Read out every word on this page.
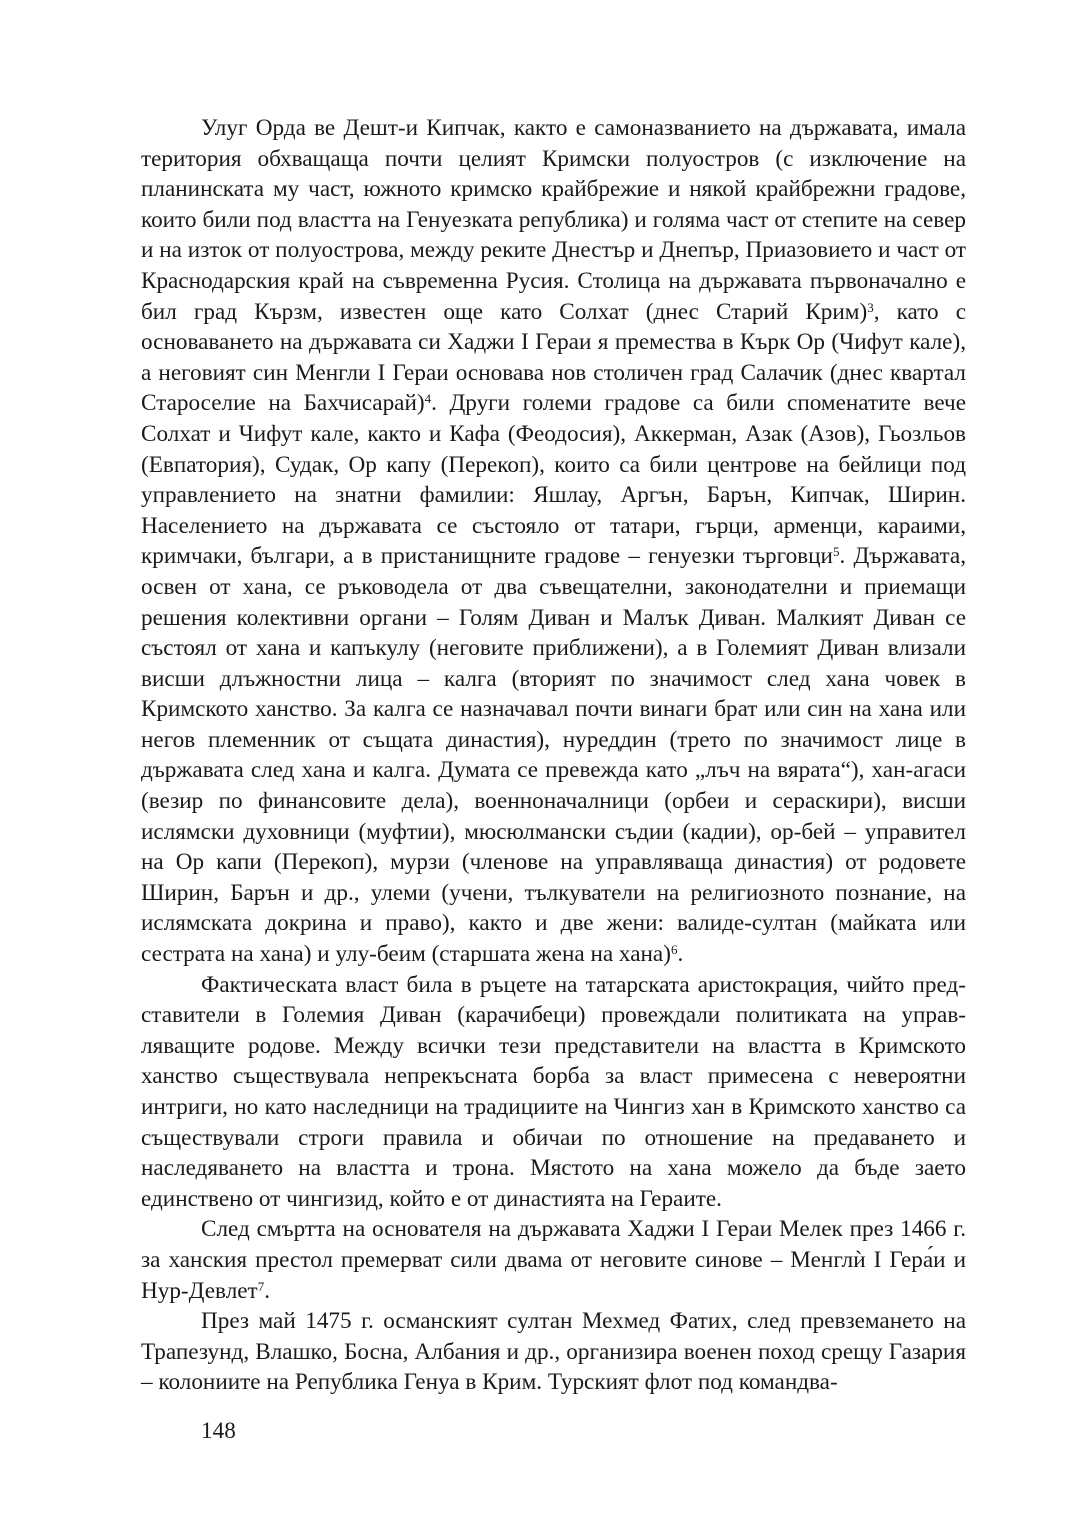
Улуг Орда ве Дешт-и Кипчак, както е самоназванието на държавата, имала територия обхващаща почти целият Кримски полуостров (с изключение на планинската му част, южното кримско крайбрежие и някой крайбрежни градове, които били под властта на Генуезката република) и голяма част от степите на север и на изток от полуострова, между реките Днестър и Днепър, Приазовието и част от Краснодарския край на съвременна Русия. Столица на държавата първоначално е бил град Кързм, известен още като Солхат (днес Старий Крим)$^3$, като с основаването на държавата си Хаджи I Гераи я премества в Кърк Ор (Чифут кале), а неговият син Менгли I Гераи основава нов столичен град Салачик (днес квартал Староселие на Бахчисарай)$^4$. Други големи градове са били споменатите вече Солхат и Чифут кале, както и Кафа (Феодосия), Аккерман, Азак (Азов), Гьозльов (Евпатория), Судак, Ор капу (Перекоп), които са били центрове на бейлици под управлението на знатни фамилии: Яшлау, Аргън, Барън, Кипчак, Ширин. Населението на държавата се състояло от татари, гърци, арменци, караими, кримчаки, българи, а в пристанищните градове – генуезки търговци$^5$. Държавата, освен от хана, се ръководела от два съвещателни, законодателни и приемащи решения колективни органи – Голям Диван и Малък Диван. Малкият Диван се състоял от хана и капъкулу (неговите приближени), а в Големият Диван влизали висши длъжностни лица – калга (вторият по значимост след хана човек в Кримското ханство. За калга се назначавал почти винаги брат или син на хана или негов племенник от същата династия), нуреддин (трето по значимост лице в държавата след хана и калга. Думата се превежда като „лъч на вярата“), хан-агаси (везир по финансовите дела), военноначалници (орбеи и сераскири), висши ислямски духовници (муфтии), мюсюлмански съдии (кадии), ор-бей – управител на Ор капи (Перекоп), мурзи (членове на управляваща династия) от родовете Ширин, Барън и др., улеми (учени, тълкуватели на религиозното познание, на ислямската докрина и право), както и две жени: валиде-султан (майката или сестрата на хана) и улу-беим (старшата жена на хана)$^6$.

Фактическата власт била в ръцете на татарската аристокрация, чийто представители в Големия Диван (карачибеци) провеждали политиката на управляващите родове. Между всички тези представители на властта в Кримското ханство съществувала непрекъсната борба за власт примесена с невероятни интриги, но като наследници на традициите на Чингиз хан в Кримското ханство са съществували строги правила и обичаи по отношение на предаването и наследяването на властта и трона. Мястото на хана можело да бъде заето единствено от чингизид, който е от династията на Гераите.

След смъртта на основателя на държавата Хаджи I Гераи Мелек през 1466 г. за ханския престол премерват сили двама от неговите синове – Менглѝ I Гера́и и Нур-Девлет$^7$.

През май 1475 г. османският султан Мехмед Фатих, след превземането на Трапезунд, Влашко, Босна, Албания и др., организира военен поход срещу Газария – колониите на Република Генуа в Крим. Турският флот под командва-

148
